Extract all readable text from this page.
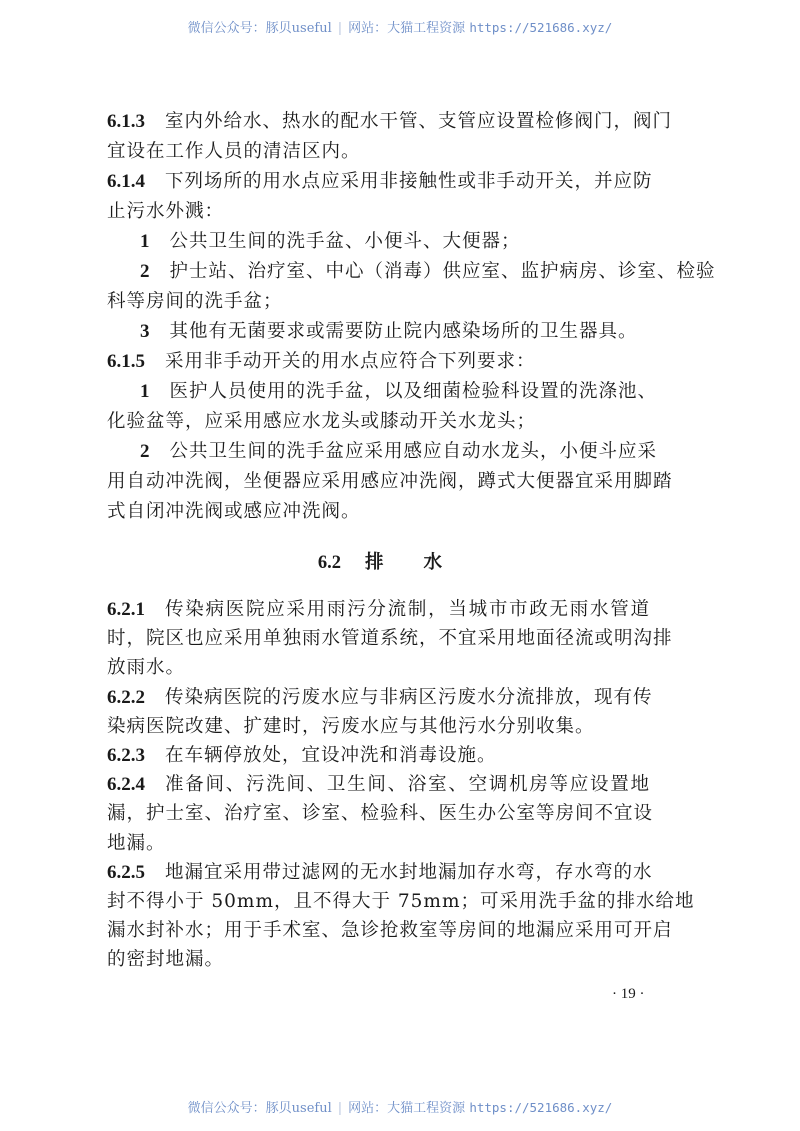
微信公众号：豚贝useful | 网站：大猫工程资源 https://521686.xyz/
6.1.3 室内外给水、热水的配水干管、支管应设置检修阀门，阀门
宜设在工作人员的清洁区内。
6.1.4 下列场所的用水点应采用非接触性或非手动开关，并应防
止污水外溅：
1 公共卫生间的洗手盆、小便斗、大便器；
2 护士站、治疗室、中心（消毒）供应室、监护病房、诊室、检验
科等房间的洗手盆；
3 其他有无菌要求或需要防止院内感染场所的卫生器具。
6.1.5 采用非手动开关的用水点应符合下列要求：
1 医护人员使用的洗手盆，以及细菌检验科设置的洗涤池、
化验盆等，应采用感应水龙头或膝动开关水龙头；
2 公共卫生间的洗手盆应采用感应自动水龙头，小便斗应采
用自动冲洗阀，坐便器应采用感应冲洗阀，蹲式大便器宜采用脚踏
式自闭冲洗阀或感应冲洗阀。
6.2 排水
6.2.1 传染病医院应采用雨污分流制，当城市市政无雨水管道
时，院区也应采用单独雨水管道系统，不宜采用地面径流或明沟排
放雨水。
6.2.2 传染病医院的污废水应与非病区污废水分流排放，现有传
染病医院改建、扩建时，污废水应与其他污水分别收集。
6.2.3 在车辆停放处，宜设冲洗和消毒设施。
6.2.4 准备间、污洗间、卫生间、浴室、空调机房等应设置地
漏，护士室、治疗室、诊室、检验科、医生办公室等房间不宜设
地漏。
6.2.5 地漏宜采用带过滤网的无水封地漏加存水弯，存水弯的水
封不得小于 50mm，且不得大于 75mm；可采用洗手盆的排水给地
漏水封补水；用于手术室、急诊抢救室等房间的地漏应采用可开启
的密封地漏。
· 19 ·
微信公众号：豚贝useful | 网站：大猫工程资源 https://521686.xyz/
